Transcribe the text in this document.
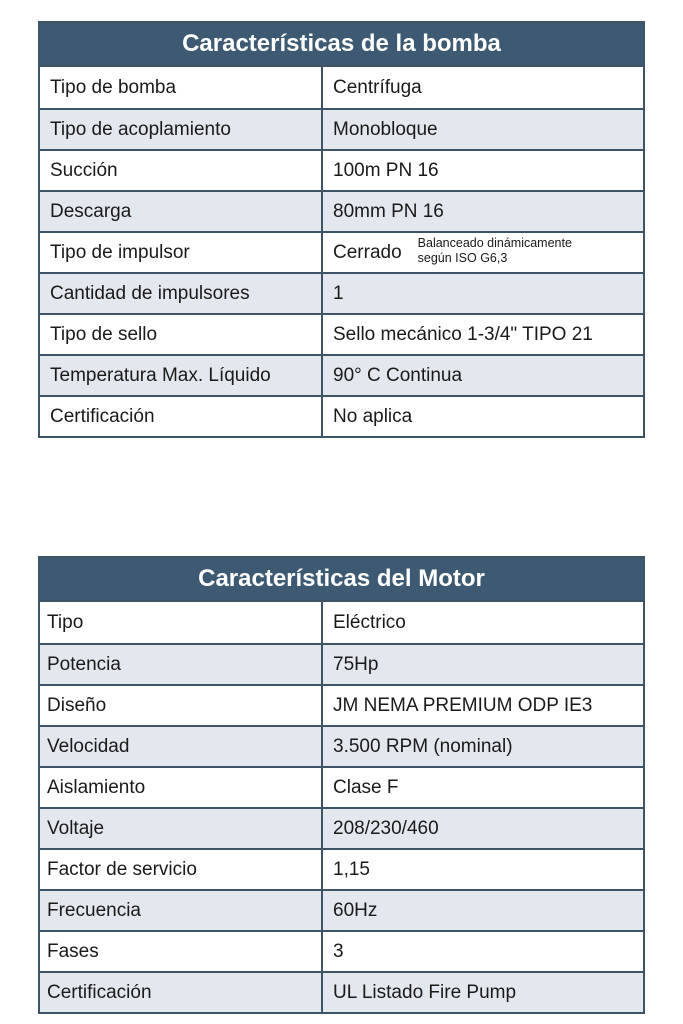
Características de la bomba
Tipo de bomba	Centrífuga
Tipo de acoplamiento	Monobloque
Succión	100m PN 16
Descarga	80mm PN 16
Tipo de impulsor	Cerrado Balanceado dinámicamente
según ISO G6,3
Cantidad de impulsores	1
Tipo de sello	Sello mecánico 1-3/4" TIPO 21
Temperatura Max. Líquido	90° C Continua
Certificación	No aplica
Características del Motor
Tipo	Eléctrico
Potencia	75Hp
Diseño	JM NEMA PREMIUM ODP IE3
Velocidad	3.500 RPM (nominal)
Aislamiento	Clase F
Voltaje	208/230/460
Factor de servicio	1,15
Frecuencia	60Hz
Fases	3
Certificación	UL Listado Fire Pump
